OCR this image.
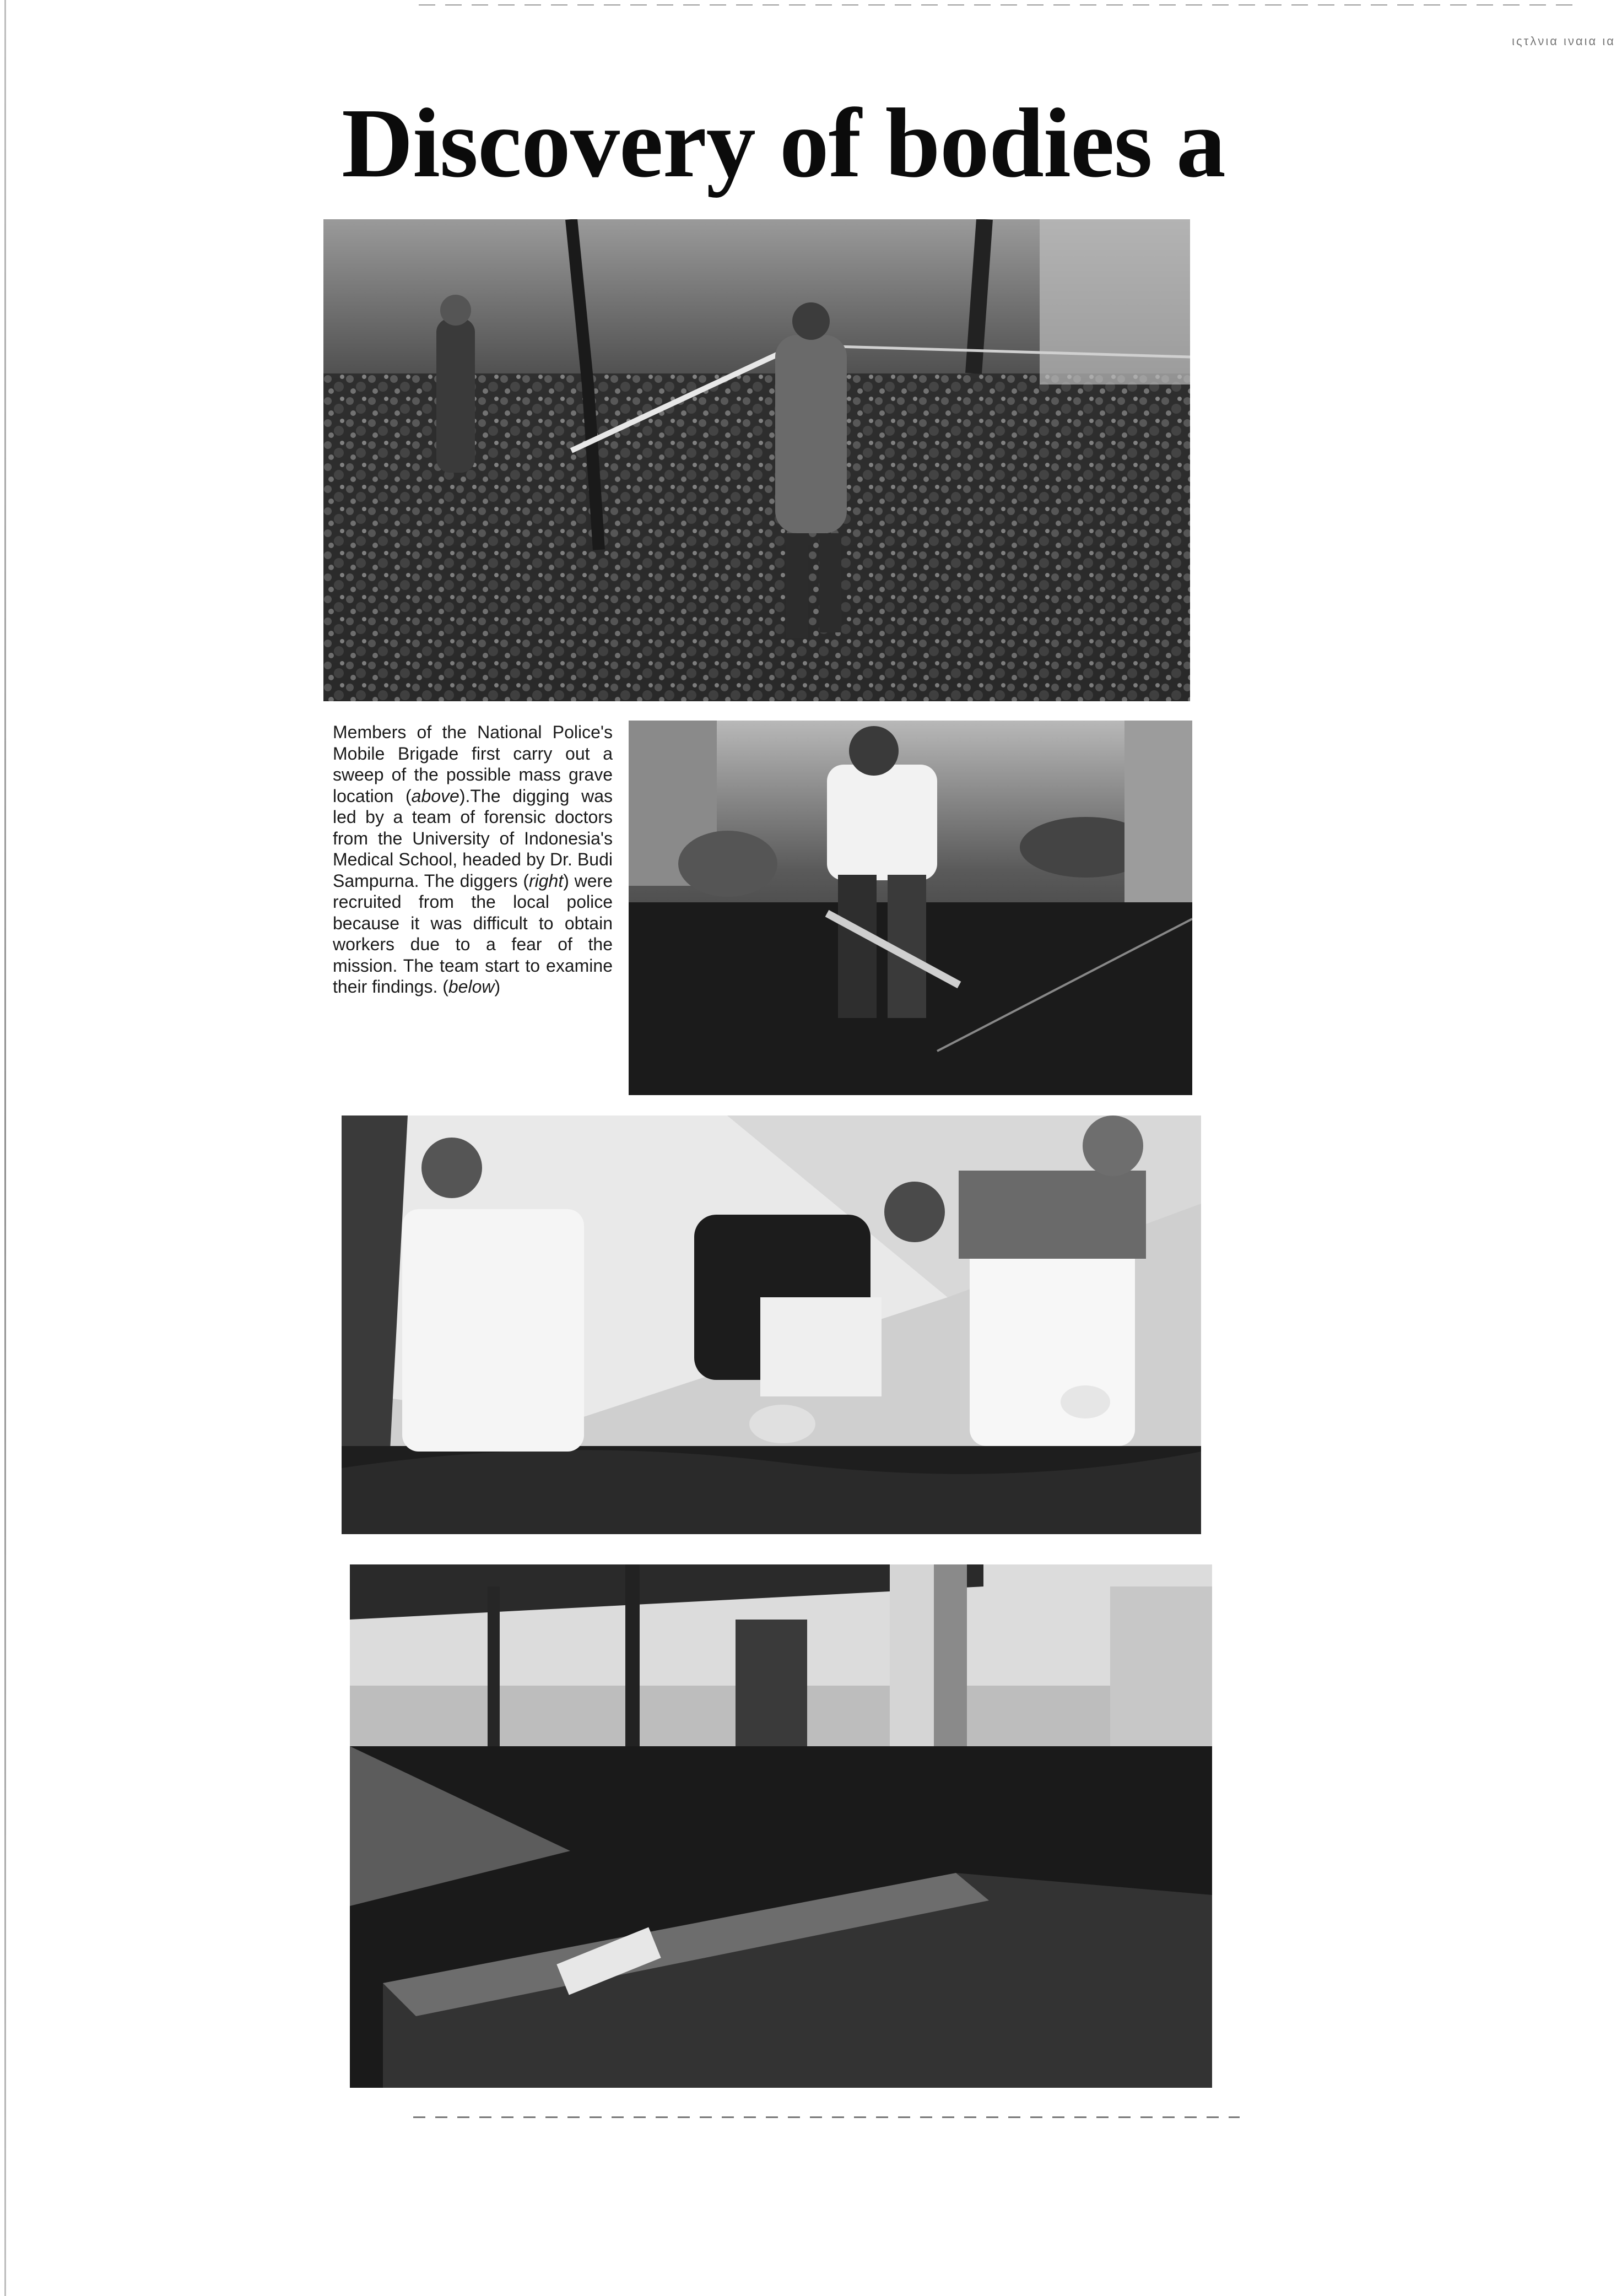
ιςτλνια ιναια ια
Discovery of bodies a

Members of the National Police's Mobile Brigade first carry out a sweep of the possible mass grave location (above).The digging was led by a team of forensic doctors from the University of Indonesia's Medical School, headed by Dr. Budi Sampurna. The diggers (right) were recruited from the local police because it was difficult to obtain workers due to a fear of the mission. The team start to examine their findings. (below)
